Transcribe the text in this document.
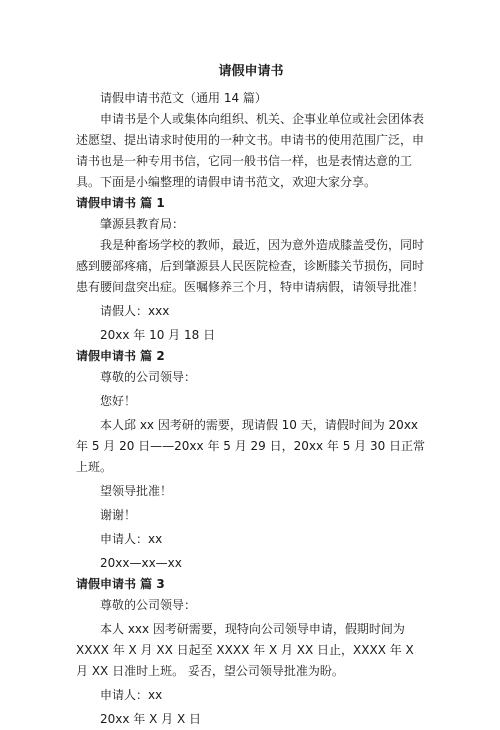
请假申请书

请假申请书范文（通用 14 篇）

申请书是个人或集体向组织、机关、企事业单位或社会团体表述愿望、提出请求时使用的一种文书。申请书的使用范围广泛，申请书也是一种专用书信，它同一般书信一样，也是表情达意的工具。下面是小编整理的请假申请书范文，欢迎大家分享。

请假申请书 篇 1

肇源县教育局：

我是种畜场学校的教师，最近，因为意外造成膝盖受伤，同时感到腰部疼痛，后到肇源县人民医院检查，诊断膝关节损伤，同时患有腰间盘突出症。医嘱修养三个月，特申请病假，请领导批准！

请假人：xxx

20xx 年 10 月 18 日

请假申请书 篇 2

尊敬的公司领导：

您好！

本人邱 xx 因考研的需要，现请假 10 天，请假时间为 20xx 年 5 月 20 日——20xx 年 5 月 29 日，20xx 年 5 月 30 日正常上班。

望领导批准！

谢谢！

申请人：xx

20xx—xx—xx

请假申请书 篇 3

尊敬的公司领导：

本人 xxx 因考研需要，现特向公司领导申请，假期时间为 XXXX 年 X 月 XX 日起至 XXXX 年 X 月 XX 日止，XXXX 年 X 月 XX 日准时上班。 妥否，望公司领导批准为盼。

申请人：xx

20xx 年 X 月 X 日
